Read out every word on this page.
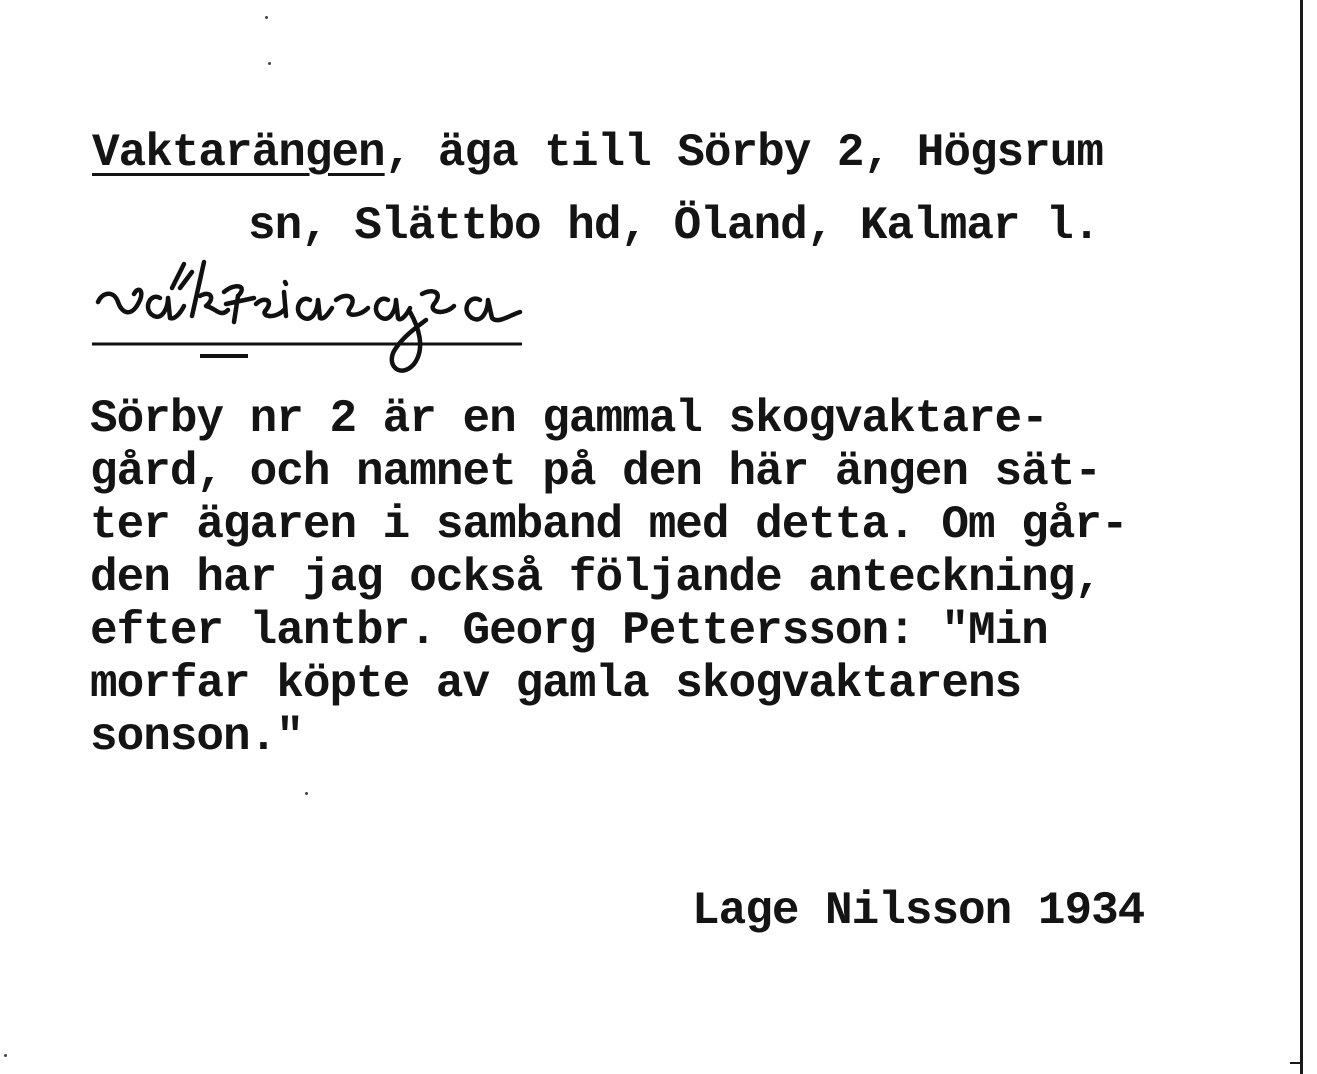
Vaktarängen, äga till Sörby 2, Högsrum
sn, Slättbo hd, Öland, Kalmar l.
Sörby nr 2 är en gammal skogvaktare-
gård, och namnet på den här ängen sät-
ter ägaren i samband med detta. Om går-
den har jag också följande anteckning,
efter lantbr. Georg Pettersson: "Min
morfar köpte av gamla skogvaktarens
sonson."
Lage Nilsson 1934
